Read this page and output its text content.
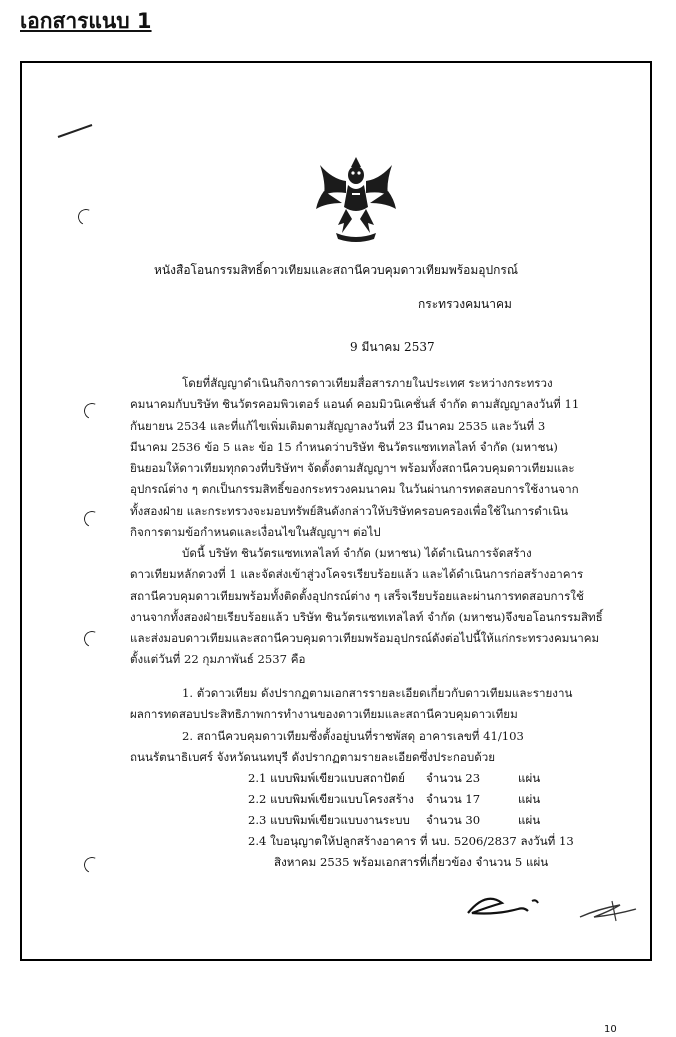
เอกสารแนบ 1
หนังสือโอนกรรมสิทธิ์ดาวเทียมและสถานีควบคุมดาวเทียมพร้อมอุปกรณ์
กระทรวงคมนาคม
9 มีนาคม 2537
โดยที่สัญญาดำเนินกิจการดาวเทียมสื่อสารภายในประเทศ ระหว่างกระทรวง
คมนาคมกับบริษัท ชินวัตรคอมพิวเตอร์ แอนด์ คอมมิวนิเคชั่นส์ จำกัด ตามสัญญาลงวันที่ 11
กันยายน 2534 และที่แก้ไขเพิ่มเติมตามสัญญาลงวันที่ 23 มีนาคม 2535 และวันที่ 3
มีนาคม 2536 ข้อ 5 และ ข้อ 15 กำหนดว่าบริษัท ชินวัตรแซทเทลไลท์ จำกัด (มหาชน)
ยินยอมให้ดาวเทียมทุกดวงที่บริษัทฯ จัดตั้งตามสัญญาฯ พร้อมทั้งสถานีควบคุมดาวเทียมและ
อุปกรณ์ต่าง ๆ ตกเป็นกรรมสิทธิ์ของกระทรวงคมนาคม ในวันผ่านการทดสอบการใช้งานจาก
ทั้งสองฝ่าย และกระทรวงจะมอบทรัพย์สินดังกล่าวให้บริษัทครอบครองเพื่อใช้ในการดำเนิน
กิจการตามข้อกำหนดและเงื่อนไขในสัญญาฯ ต่อไป
บัดนี้ บริษัท ชินวัตรแซทเทลไลท์ จำกัด (มหาชน) ได้ดำเนินการจัดสร้าง
ดาวเทียมหลักดวงที่ 1 และจัดส่งเข้าสู่วงโคจรเรียบร้อยแล้ว และได้ดำเนินการก่อสร้างอาคาร
สถานีควบคุมดาวเทียมพร้อมทั้งติดตั้งอุปกรณ์ต่าง ๆ เสร็จเรียบร้อยและผ่านการทดสอบการใช้
งานจากทั้งสองฝ่ายเรียบร้อยแล้ว บริษัท ชินวัตรแซทเทลไลท์ จำกัด (มหาชน)จึงขอโอนกรรมสิทธิ์
และส่งมอบดาวเทียมและสถานีควบคุมดาวเทียมพร้อมอุปกรณ์ดังต่อไปนี้ให้แก่กระทรวงคมนาคม
ตั้งแต่วันที่ 22 กุมภาพันธ์ 2537 คือ
1. ตัวดาวเทียม ดังปรากฏตามเอกสารรายละเอียดเกี่ยวกับดาวเทียมและรายงาน
ผลการทดสอบประสิทธิภาพการทำงานของดาวเทียมและสถานีควบคุมดาวเทียม
2. สถานีควบคุมดาวเทียมซึ่งตั้งอยู่บนที่ราชพัสดุ อาคารเลขที่ 41/103
ถนนรัตนาธิเบศร์ จังหวัดนนทบุรี ดังปรากฏตามรายละเอียดซึ่งประกอบด้วย
2.1 แบบพิมพ์เขียวแบบสถาปัตย์ จำนวน 23	แผ่น
2.2 แบบพิมพ์เขียวแบบโครงสร้าง จำนวน 17	แผ่น
2.3 แบบพิมพ์เขียวแบบงานระบบ จำนวน 30	แผ่น
2.4 ใบอนุญาตให้ปลูกสร้างอาคาร ที่ นบ. 5206/2837 ลงวันที่ 13
สิงหาคม 2535 พร้อมเอกสารที่เกี่ยวข้อง จำนวน 5 แผ่น
10
